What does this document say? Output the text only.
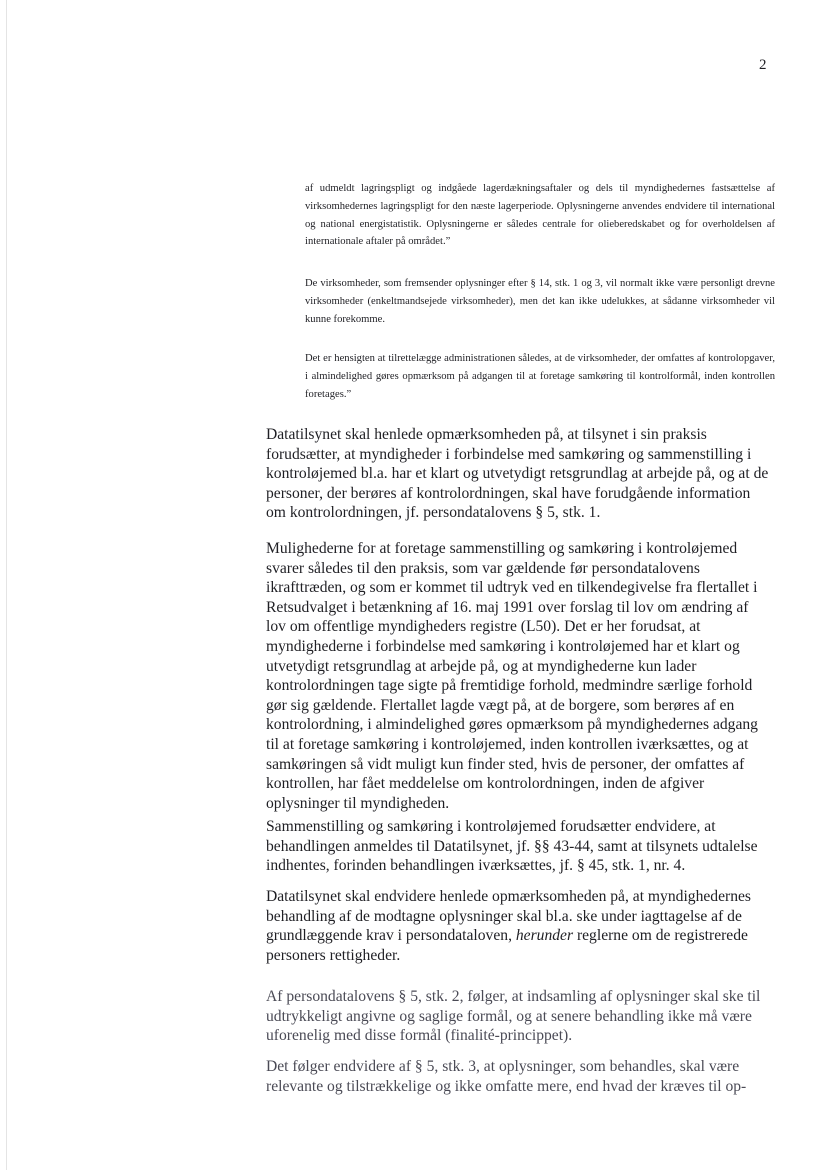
2

af udmeldt lagringspligt og indgåede lagerdækningsaftaler og dels til myndighedernes fastsættelse af virksomhedernes lagringspligt for den næste lagerperiode. Oplysningerne anvendes endvidere til international og national energistatistik. Oplysningerne er således centrale for olieberedskabet og for overholdelsen af internationale aftaler på området.”

De virksomheder, som fremsender oplysninger efter § 14, stk. 1 og 3, vil normalt ikke være personligt drevne virksomheder (enkeltmandsejede virksomheder), men det kan ikke udelukkes, at sådanne virksomheder vil kunne forekomme.

Det er hensigten at tilrettelægge administrationen således, at de virksomheder, der omfattes af kontrolopgaver, i almindelighed gøres opmærksom på adgangen til at foretage samkøring til kontrolformål, inden kontrollen foretages.”

Datatilsynet skal henlede opmærksomheden på, at tilsynet i sin praksis forudsætter, at myndigheder i forbindelse med samkøring og sammenstilling i kontroløjemed bl.a. har et klart og utvetydigt retsgrundlag at arbejde på, og at de personer, der berøres af kontrolordningen, skal have forudgående information om kontrolordningen, jf. persondatalovens § 5, stk. 1.

Mulighederne for at foretage sammenstilling og samkøring i kontroløjemed svarer således til den praksis, som var gældende før persondatalovens ikrafttræden, og som er kommet til udtryk ved en tilkendegivelse fra flertallet i Retsudvalget i betænkning af 16. maj 1991 over forslag til lov om ændring af lov om offentlige myndigheders registre (L50). Det er her forudsat, at myndighederne i forbindelse med samkøring i kontroløjemed har et klart og utvetydigt retsgrundlag at arbejde på, og at myndighederne kun lader kontrolordningen tage sigte på fremtidige forhold, medmindre særlige forhold gør sig gældende. Flertallet lagde vægt på, at de borgere, som berøres af en kontrolordning, i almindelighed gøres opmærksom på myndighedernes adgang til at foretage samkøring i kontroløjemed, inden kontrollen iværksættes, og at samkøringen så vidt muligt kun finder sted, hvis de personer, der omfattes af kontrollen, har fået meddelelse om kontrolordningen, inden de afgiver oplysninger til myndigheden.

Sammenstilling og samkøring i kontroløjemed forudsætter endvidere, at behandlingen anmeldes til Datatilsynet, jf. §§ 43-44, samt at tilsynets udtalelse indhentes, forinden behandlingen iværksættes, jf. § 45, stk. 1, nr. 4.

Datatilsynet skal endvidere henlede opmærksomheden på, at myndighedernes behandling af de modtagne oplysninger skal bl.a. ske under iagttagelse af de grundlæggende krav i persondataloven, herunder reglerne om de registrerede personers rettigheder.

Af persondatalovens § 5, stk. 2, følger, at indsamling af oplysninger skal ske til udtrykkeligt angivne og saglige formål, og at senere behandling ikke må være uforenelig med disse formål (finalité-princippet).

Det følger endvidere af § 5, stk. 3, at oplysninger, som behandles, skal være relevante og tilstrækkelige og ikke omfatte mere, end hvad der kræves til op-
